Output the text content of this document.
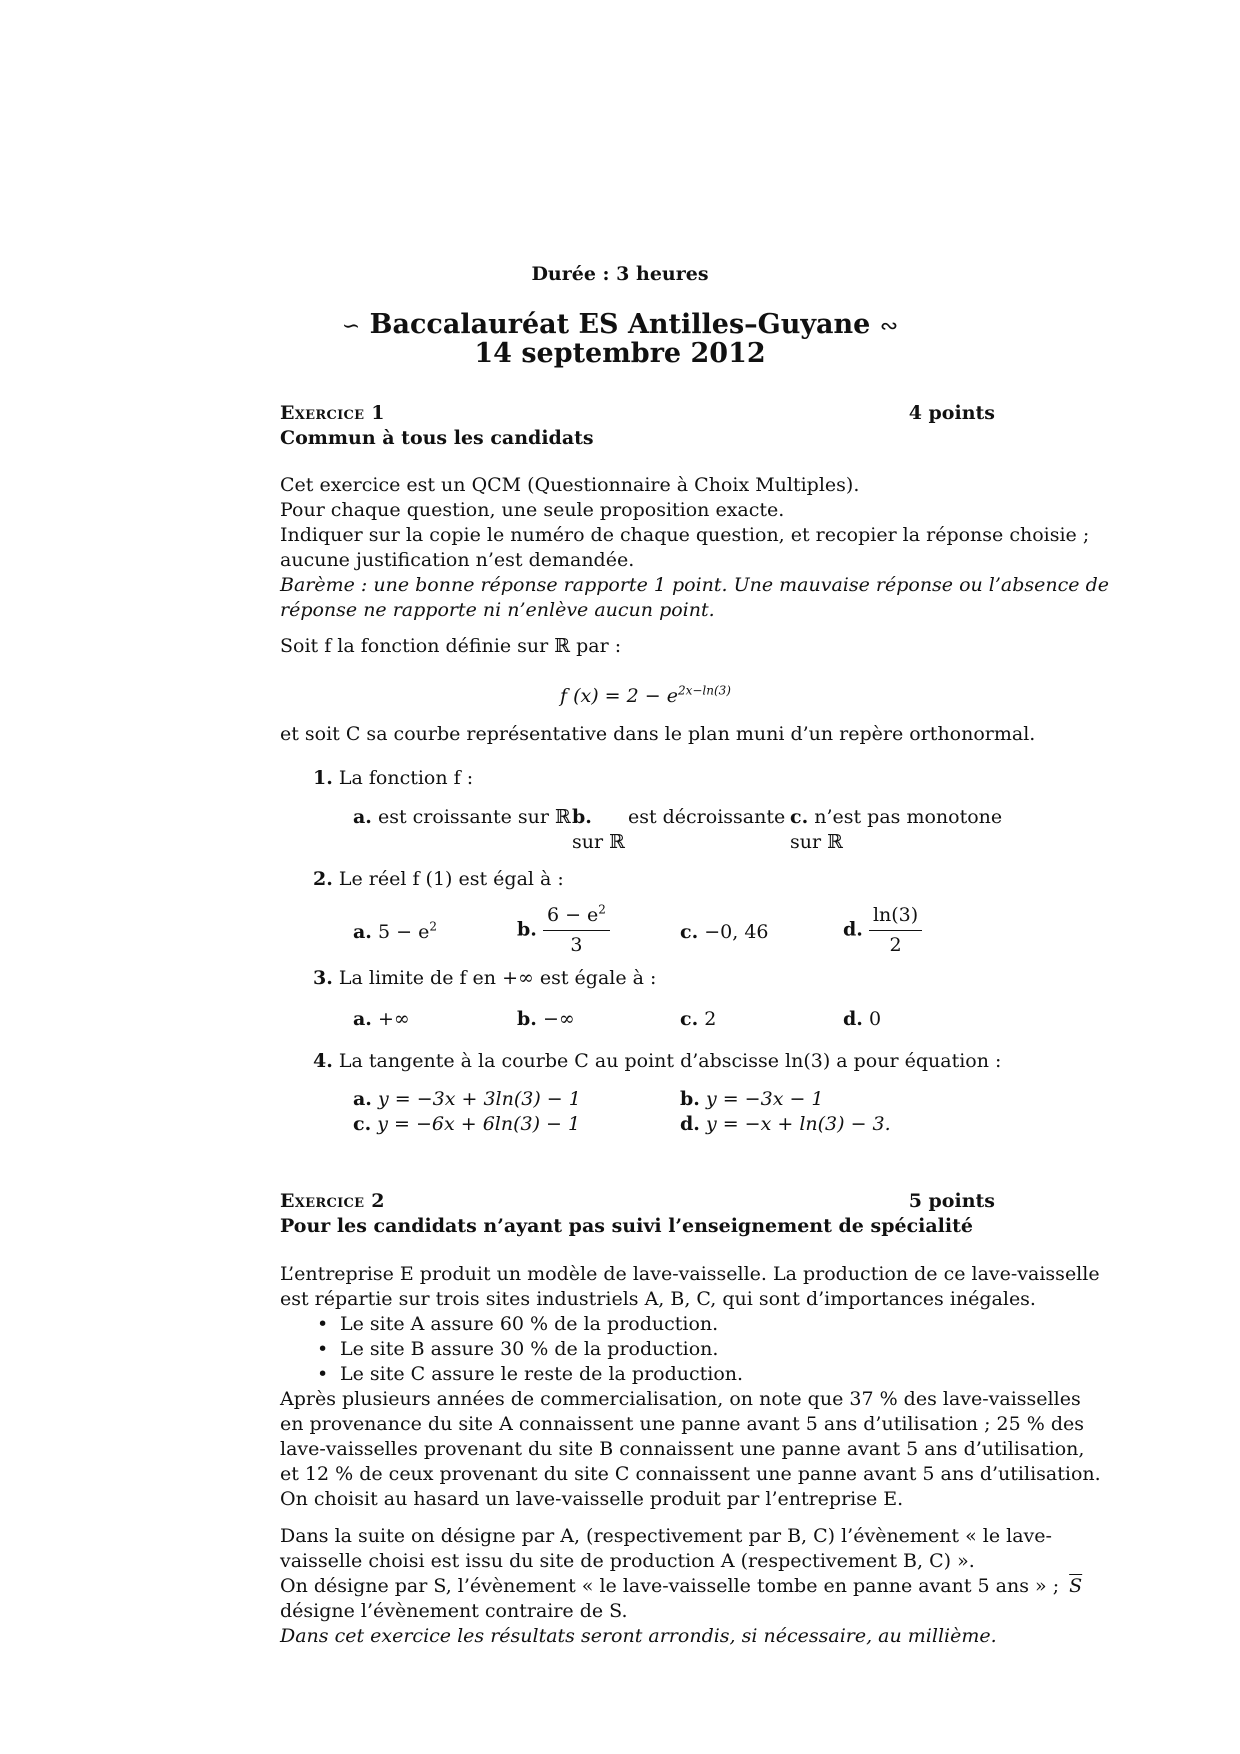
Durée : 3 heures
∽ Baccalauréat ES Antilles–Guyane ∾
14 septembre 2012
Exercice 1	4 points
Commun à tous les candidats
Cet exercice est un QCM (Questionnaire à Choix Multiples).
Pour chaque question, une seule proposition exacte.
Indiquer sur la copie le numéro de chaque question, et recopier la réponse choisie ;
aucune justification n’est demandée.
Barème : une bonne réponse rapporte 1 point. Une mauvaise réponse ou l’absence de
réponse ne rapporte ni n’enlève aucun point.
Soit f la fonction définie sur ℝ par :
f $(x) = 2 - e^{2x-ln(3)}$
et soit C sa courbe représentative dans le plan muni d’un repère orthonormal.
1. La fonction f :
a. est croissante sur ℝ b. est décroissante
sur ℝ
c. n’est pas monotone
sur ℝ
2. Le réel f (1) est égal à :
a. $5 - e^2$	b. $\frac{6 - e^2}{3}$	c. −0, 46	d. $\frac{\ln(3)}{2}$
3. La limite de f en +∞ est égale à :
a. +∞	b. −∞	c. 2	d. 0
4. La tangente à la courbe C au point d’abscisse ln(3) a pour équation :
a. y = −3x + 3ln(3) − 1	b. y = −3x − 1
c. y = −6x + 6ln(3) − 1	d. y = −x + ln(3) − 3.
Exercice 2	5 points
Pour les candidats n’ayant pas suivi l’enseignement de spécialité
L’entreprise E produit un modèle de lave-vaisselle. La production de ce lave-vaisselle
est répartie sur trois sites industriels A, B, C, qui sont d’importances inégales.
• Le site A assure 60 % de la production.
• Le site B assure 30 % de la production.
• Le site C assure le reste de la production.
Après plusieurs années de commercialisation, on note que 37 % des lave-vaisselles
en provenance du site A connaissent une panne avant 5 ans d’utilisation ; 25 % des
lave-vaisselles provenant du site B connaissent une panne avant 5 ans d’utilisation,
et 12 % de ceux provenant du site C connaissent une panne avant 5 ans d’utilisation.
On choisit au hasard un lave-vaisselle produit par l’entreprise E.
Dans la suite on désigne par A, (respectivement par B, C) l’évènement « le lave-
vaisselle choisi est issu du site de production A (respectivement B, C) ».
On désigne par S, l’évènement « le lave-vaisselle tombe en panne avant 5 ans » ; $\overline{S}$
désigne l’évènement contraire de S.
Dans cet exercice les résultats seront arrondis, si nécessaire, au millième.
